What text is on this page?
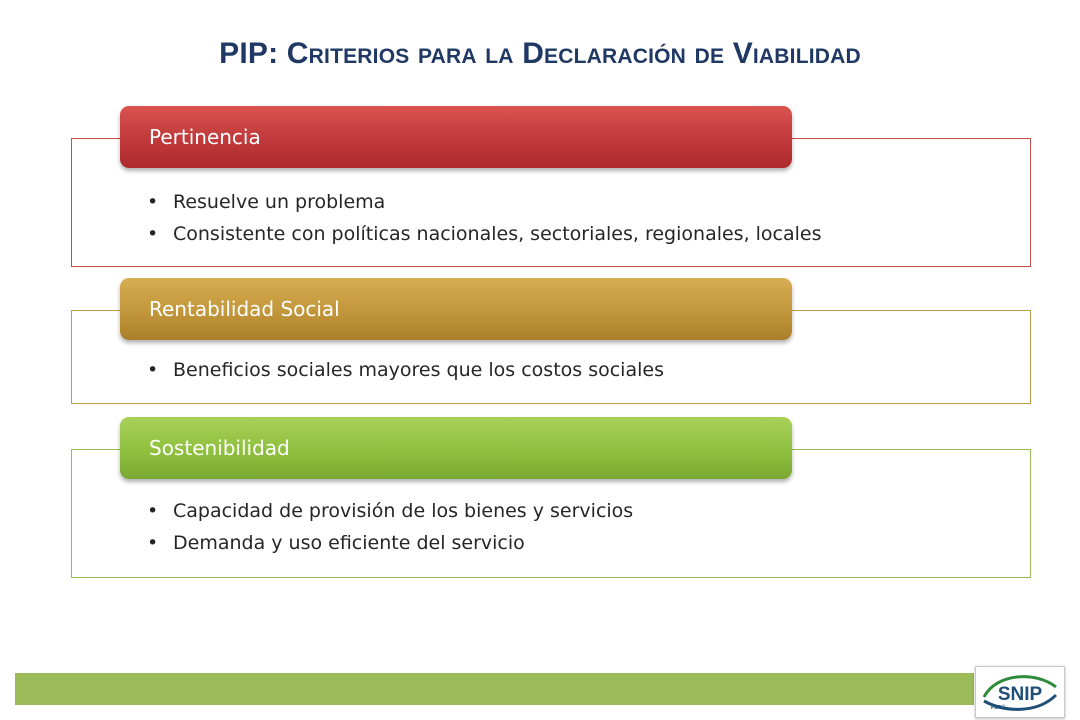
PIP: Criterios para la Declaración de Viabilidad
• Resuelve un problema
• Consistente con políticas nacionales, sectoriales, regionales, locales
Pertinencia
• Beneficios sociales mayores que los costos sociales
Rentabilidad Social
• Capacidad de provisión de los bienes y servicios
• Demanda y uso eficiente del servicio
Sostenibilidad
SNIP
PERÚ
